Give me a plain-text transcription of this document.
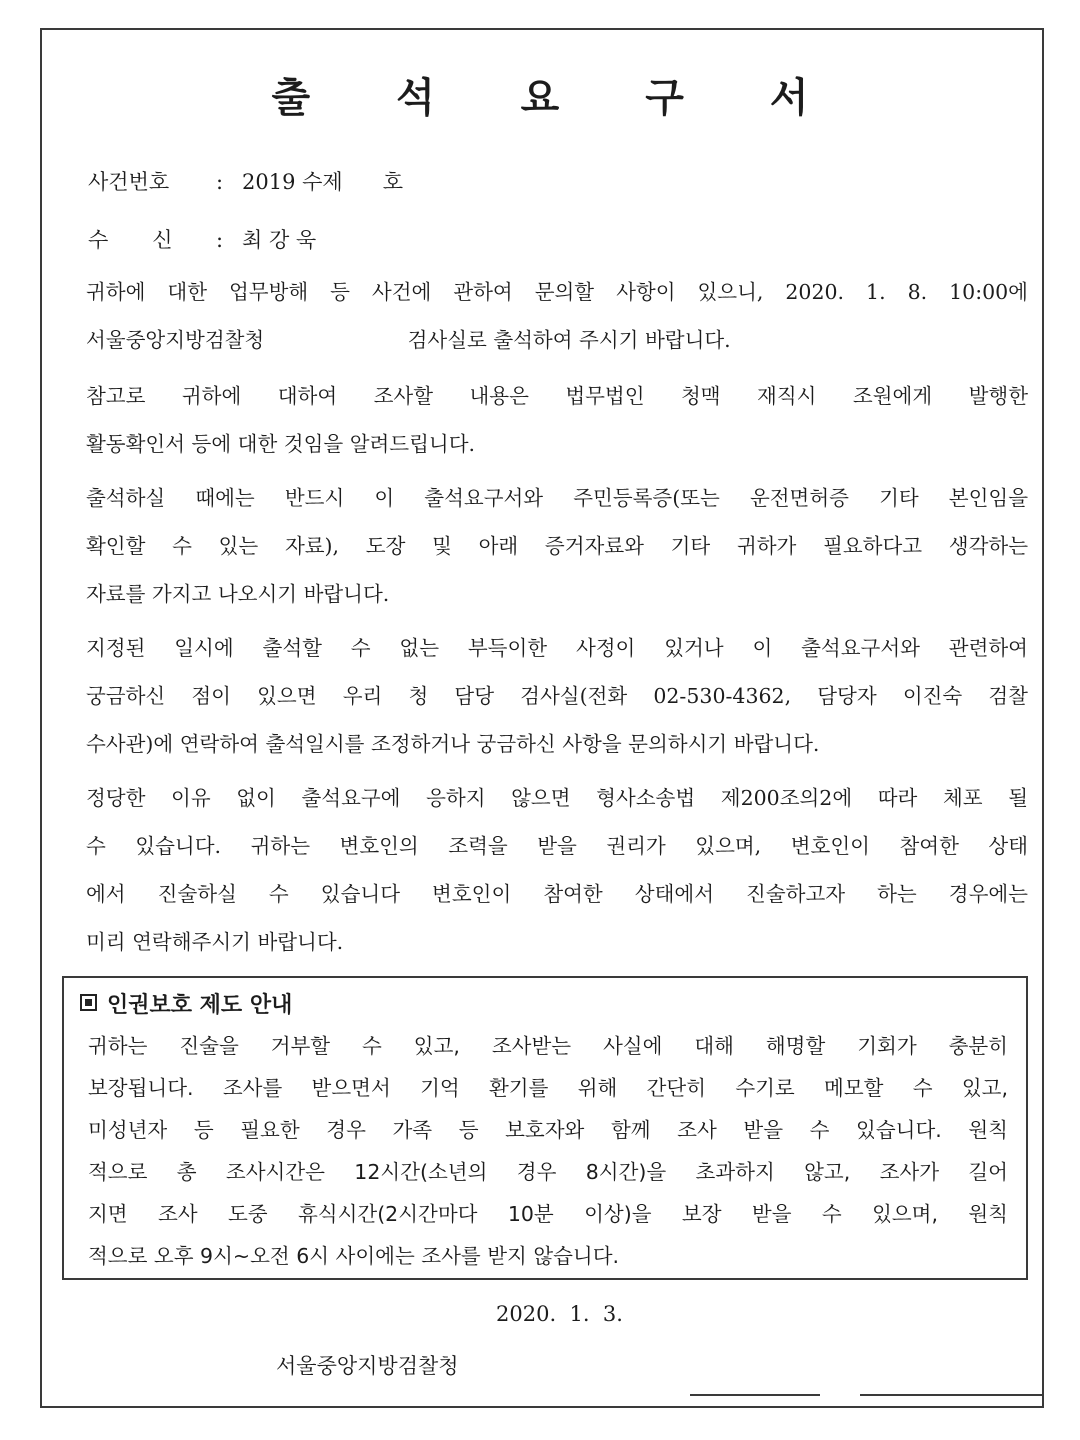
출 석 요 구 서
사건번호 : 2019 수제      호
수신: 최 강 욱
귀하에 대한 업무방해 등 사건에 관하여 문의할 사항이 있으니, 2020. 1. 8. 10:00에
서울중앙지방검찰청                      검사실로 출석하여 주시기 바랍니다.
참고로 귀하에 대하여 조사할 내용은 법무법인 청맥 재직시 조원에게 발행한
활동확인서 등에 대한 것임을 알려드립니다.
출석하실 때에는 반드시 이 출석요구서와 주민등록증(또는 운전면허증 기타 본인임을
확인할 수 있는 자료), 도장 및 아래 증거자료와 기타 귀하가 필요하다고 생각하는
자료를 가지고 나오시기 바랍니다.
지정된 일시에 출석할 수 없는 부득이한 사정이 있거나 이 출석요구서와 관련하여
궁금하신 점이 있으면 우리 청 담당 검사실(전화 02-530-4362, 담당자 이진숙 검찰
수사관)에 연락하여 출석일시를 조정하거나 궁금하신 사항을 문의하시기 바랍니다.
정당한 이유 없이 출석요구에 응하지 않으면 형사소송법 제200조의2에 따라 체포 될
수 있습니다. 귀하는 변호인의 조력을 받을 권리가 있으며, 변호인이 참여한 상태
에서 진술하실 수 있습니다 변호인이 참여한 상태에서 진술하고자 하는 경우에는
미리 연락해주시기 바랍니다.
인권보호 제도 안내
귀하는 진술을 거부할 수 있고, 조사받는 사실에 대해 해명할 기회가 충분히
보장됩니다. 조사를 받으면서 기억 환기를 위해 간단히 수기로 메모할 수 있고,
미성년자 등 필요한 경우 가족 등 보호자와 함께 조사 받을 수 있습니다. 원칙
적으로 총 조사시간은 12시간(소년의 경우 8시간)을 초과하지 않고, 조사가 길어
지면 조사 도중 휴식시간(2시간마다 10분 이상)을 보장 받을 수 있으며, 원칙
적으로 오후 9시~오전 6시 사이에는 조사를 받지 않습니다.
2020.  1.  3.
서울중앙지방검찰청
